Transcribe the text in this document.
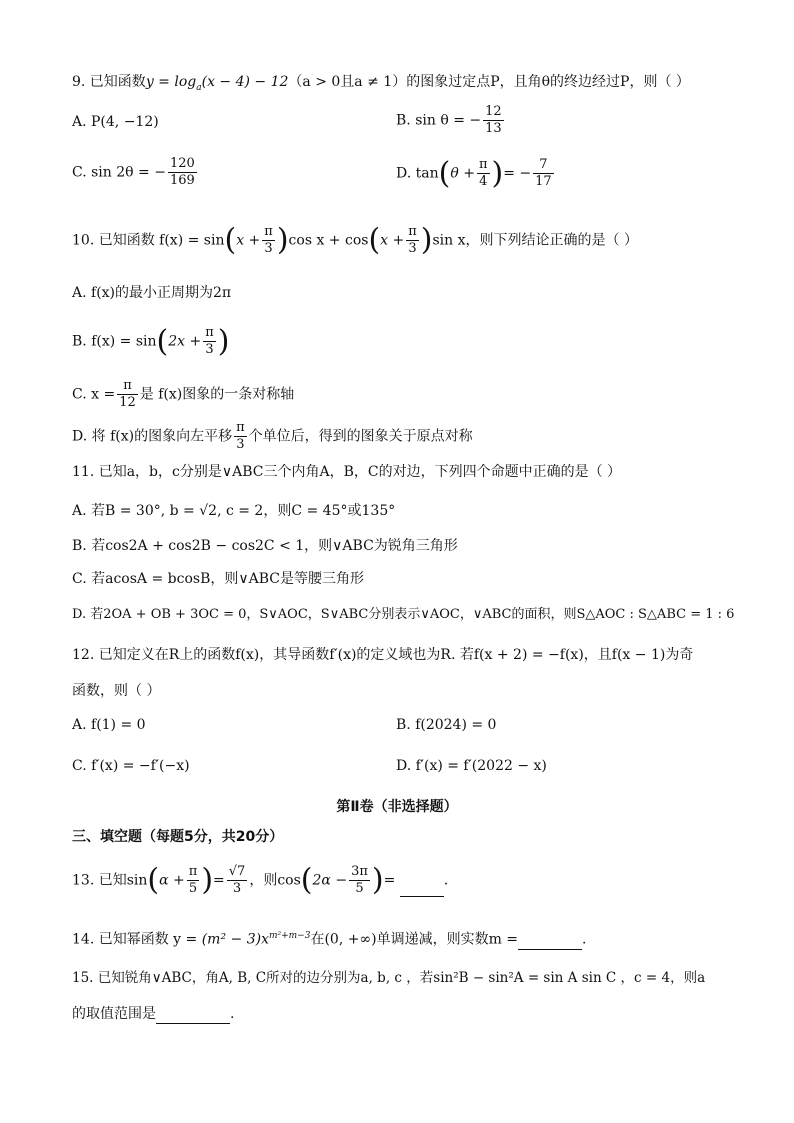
9. 已知函数$y = \log_a(x - 4) - 12(a > 0$且a ≠ 1）的图象过定点P，且角θ的终边经过P，则（ ）
A. P(4, −12)	B. sin θ = − $\frac{12}{13}$
C. sin 2θ = − $\frac{120}{169}$	D. $\tan(\theta + \frac{\pi}{4}$ )= − $\frac{7}{17}$
10. 已知函数 $f(x) = \sin(x + \frac{\pi}{3} )\cos$ $x + \cos(x + \frac{\pi}{3} )\sin$ x，则下列结论正确的是（ ）
A. f(x)的最小正周期为2π
B. $f(x) = \sin(2x + \frac{\pi}{3}$ )
C. $x = \frac{\pi}{12}$ 是 f(x)图象的一条对称轴
D. 将 f(x)的图象向左平移 $\frac{\pi}{3}$ 个单位后，得到的图象关于原点对称
11. 已知a，b，c分别是∨ABC三个内角A，B，C的对边，下列四个命题中正确的是（ ）
A. 若B = 30°, b = √2, c = 2，则C = 45°或135°
B. 若cos2A + cos2B − cos2C < 1，则∨ABC为锐角三角形
C. 若acosA = bcosB，则∨ABC是等腰三角形
D. 若2OA + OB + 3OC = 0，S∨AOC，S∨ABC分别表示∨AOC，∨ABC的面积，则S△AOC : S△ABC = 1 : 6
12. 已知定义在R上的函数f(x)，其导函数f′(x)的定义域也为R. 若f(x + 2) = −f(x)，且f(x − 1)为奇
函数，则（ ）
A. f(1) = 0	B. f(2024) = 0
C. f′(x) = −f′(−x)	D. f′(x) = f′(2022 − x)
第Ⅱ卷（非选择题）
三、填空题（每题5分，共20分）
13. 已知$\sin(\alpha + \frac{\pi}{5}$ )= $\frac{√7}{3}$ ，则$\cos(2\alpha - \frac{3\pi}{5}$ )=	.
14. 已知幂函数 $y = (m^2 - 3)x^{m^2+m-3}$在(0, +∞)单调递减，则实数m =	.
15. 已知锐角∨ABC，角A, B, C所对的边分别为a, b, c ，若sin²B − sin²A = sin A sin C ，c = 4，则a
的取值范围是	.
